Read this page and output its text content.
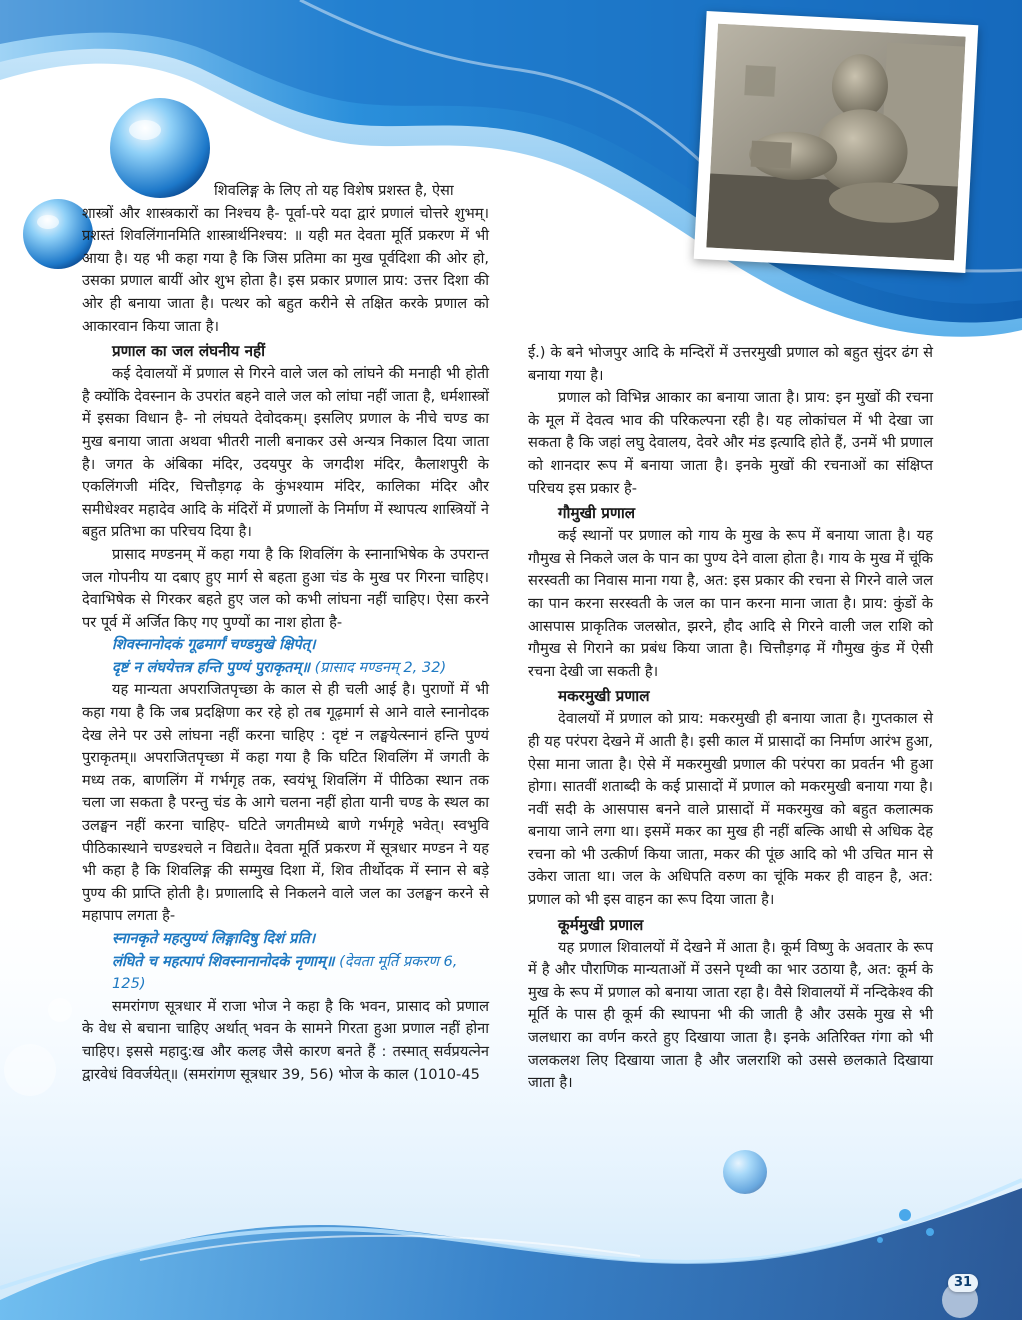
शिवलिङ्ग के लिए तो यह विशेष प्रशस्त है, ऐसा

शास्त्रों और शास्त्रकारों का निश्चय है- पूर्वा-परे यदा द्वारं प्रणालं चोत्तरे शुभम्। प्रशस्तं शिवलिंगानमिति शास्त्रार्थनिश्चय: ॥ यही मत देवता मूर्ति प्रकरण में भी आया है। यह भी कहा गया है कि जिस प्रतिमा का मुख पूर्वदिशा की ओर हो, उसका प्रणाल बायीं ओर शुभ होता है। इस प्रकार प्रणाल प्राय: उत्तर दिशा की ओर ही बनाया जाता है। पत्थर को बहुत करीने से तक्षित करके प्रणाल को आकारवान किया जाता है।

प्रणाल का जल लंघनीय नहीं

कई देवालयों में प्रणाल से गिरने वाले जल को लांघने की मनाही भी होती है क्योंकि देवस्नान के उपरांत बहने वाले जल को लांघा नहीं जाता है, धर्मशास्त्रों में इसका विधान है- नो लंघयते देवोदकम्। इसलिए प्रणाल के नीचे चण्ड का मुख बनाया जाता अथवा भीतरी नाली बनाकर उसे अन्यत्र निकाल दिया जाता है। जगत के अंबिका मंदिर, उदयपुर के जगदीश मंदिर, कैलाशपुरी के एकलिंगजी मंदिर, चित्तौड़गढ़ के कुंभश्याम मंदिर, कालिका मंदिर और समीधेश्वर महादेव आदि के मंदिरों में प्रणालों के निर्माण में स्थापत्य शास्त्रियों ने बहुत प्रतिभा का परिचय दिया है।

प्रासाद मण्डनम् में कहा गया है कि शिवलिंग के स्नानाभिषेक के उपरान्त जल गोपनीय या दबाए हुए मार्ग से बहता हुआ चंड के मुख पर गिरना चाहिए। देवाभिषेक से गिरकर बहते हुए जल को कभी लांघना नहीं चाहिए। ऐसा करने पर पूर्व में अर्जित किए गए पुण्यों का नाश होता है-

शिवस्नानोदकं गूढमार्गं चण्डमुखे क्षिपेत्।

दृष्टं न लंघयेत्तत्र हन्ति पुण्यं पुराकृतम्॥ (प्रासाद मण्डनम् 2, 32)

यह मान्यता अपराजितपृच्छा के काल से ही चली आई है। पुराणों में भी कहा गया है कि जब प्रदक्षिणा कर रहे हो तब गूढ़मार्ग से आने वाले स्नानोदक देख लेने पर उसे लांघना नहीं करना चाहिए : दृष्टं न लङ्घयेत्स्नानं हन्ति पुण्यं पुराकृतम्॥ अपराजितपृच्छा में कहा गया है कि घटित शिवलिंग में जगती के मध्य तक, बाणलिंग में गर्भगृह तक, स्वयंभू शिवलिंग में पीठिका स्थान तक चला जा सकता है परन्तु चंड के आगे चलना नहीं होता यानी चण्ड के स्थल का उलङ्घन नहीं करना चाहिए- घटिते जगतीमध्ये बाणे गर्भगृहे भवेत्। स्वभुवि पीठिकास्थाने चण्डश्चले न विद्यते॥ देवता मूर्ति प्रकरण में सूत्रधार मण्डन ने यह भी कहा है कि शिवलिङ्ग की सम्मुख दिशा में, शिव तीर्थोदक में स्नान से बड़े पुण्य की प्राप्ति होती है। प्रणालादि से निकलने वाले जल का उलङ्घन करने से महापाप लगता है-

स्नानकृते महत्पुण्यं लिङ्गादिषु दिशं प्रति।

लंघिते च महत्पापं शिवस्नानानोदके नृणाम्॥ (देवता मूर्ति प्रकरण 6, 125)

समरांगण सूत्रधार में राजा भोज ने कहा है कि भवन, प्रासाद को प्रणाल के वेध से बचाना चाहिए अर्थात् भवन के सामने गिरता हुआ प्रणाल नहीं होना चाहिए। इससे महादु:ख और कलह जैसे कारण बनते हैं : तस्मात् सर्वप्रयत्नेन द्वारवेधं विवर्जयेत्॥ (समरांगण सूत्रधार 39, 56) भोज के काल (1010-45

ई.) के बने भोजपुर आदि के मन्दिरों में उत्तरमुखी प्रणाल को बहुत सुंदर ढंग से बनाया गया है।

प्रणाल को विभिन्न आकार का बनाया जाता है। प्राय: इन मुखों की रचना के मूल में देवत्व भाव की परिकल्पना रही है। यह लोकांचल में भी देखा जा सकता है कि जहां लघु देवालय, देवरे और मंड इत्यादि होते हैं, उनमें भी प्रणाल को शानदार रूप में बनाया जाता है। इनके मुखों की रचनाओं का संक्षिप्त परिचय इस प्रकार है-

गौमुखी प्रणाल

कई स्थानों पर प्रणाल को गाय के मुख के रूप में बनाया जाता है। यह गौमुख से निकले जल के पान का पुण्य देने वाला होता है। गाय के मुख में चूंकि सरस्वती का निवास माना गया है, अत: इस प्रकार की रचना से गिरने वाले जल का पान करना सरस्वती के जल का पान करना माना जाता है। प्राय: कुंडों के आसपास प्राकृतिक जलस्रोत, झरने, हौद आदि से गिरने वाली जल राशि को गौमुख से गिराने का प्रबंध किया जाता है। चित्तौड़गढ़ में गौमुख कुंड में ऐसी रचना देखी जा सकती है।

मकरमुखी प्रणाल

देवालयों में प्रणाल को प्राय: मकरमुखी ही बनाया जाता है। गुप्तकाल से ही यह परंपरा देखने में आती है। इसी काल में प्रासादों का निर्माण आरंभ हुआ, ऐसा माना जाता है। ऐसे में मकरमुखी प्रणाल की परंपरा का प्रवर्तन भी हुआ होगा। सातवीं शताब्दी के कई प्रासादों में प्रणाल को मकरमुखी बनाया गया है। नवीं सदी के आसपास बनने वाले प्रासादों में मकरमुख को बहुत कलात्मक बनाया जाने लगा था। इसमें मकर का मुख ही नहीं बल्कि आधी से अधिक देह रचना को भी उत्कीर्ण किया जाता, मकर की पूंछ आदि को भी उचित मान से उकेरा जाता था। जल के अधिपति वरुण का चूंकि मकर ही वाहन है, अत: प्रणाल को भी इस वाहन का रूप दिया जाता है।

कूर्ममुखी प्रणाल

यह प्रणाल शिवालयों में देखने में आता है। कूर्म विष्णु के अवतार के रूप में है और पौराणिक मान्यताओं में उसने पृथ्वी का भार उठाया है, अत: कूर्म के मुख के रूप में प्रणाल को बनाया जाता रहा है। वैसे शिवालयों में नन्दिकेश्व की मूर्ति के पास ही कूर्म की स्थापना भी की जाती है और उसके मुख से भी जलधारा का वर्णन करते हुए दिखाया जाता है। इनके अतिरिक्त गंगा को भी जलकलश लिए दिखाया जाता है और जलराशि को उससे छलकाते दिखाया जाता है।

31
